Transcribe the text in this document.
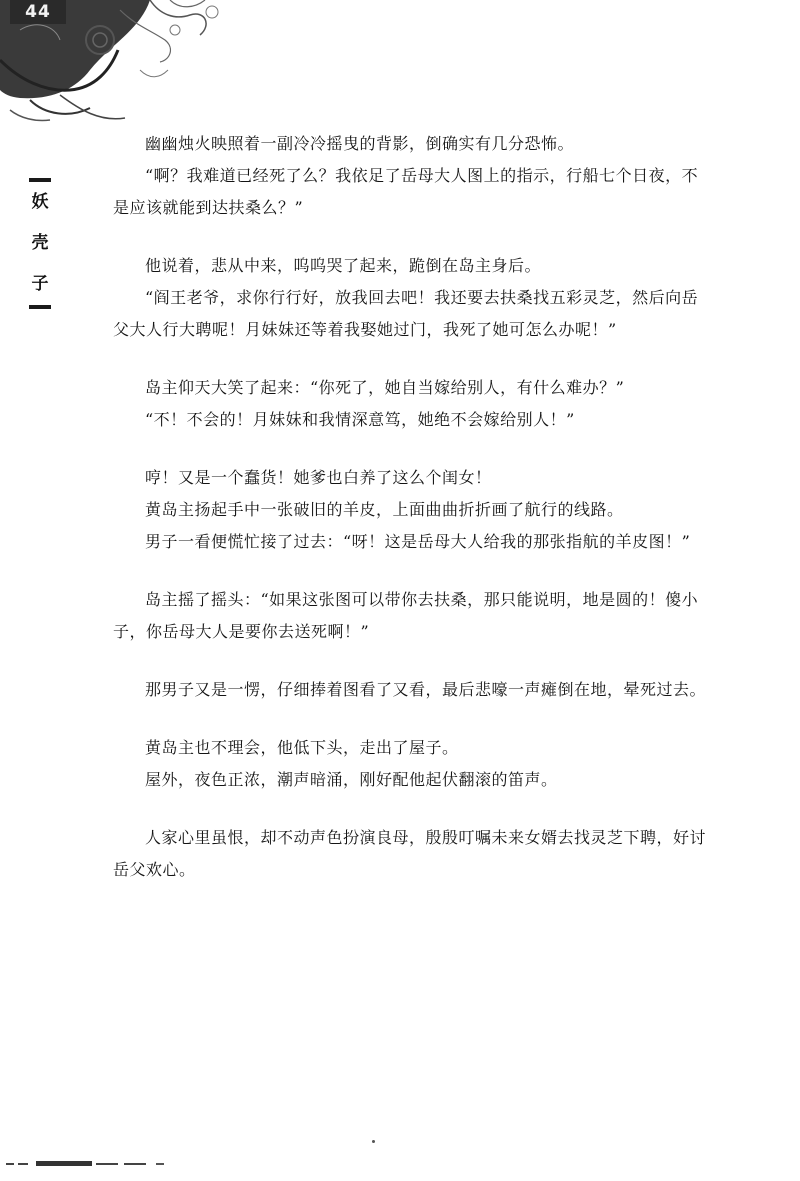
44
妖
壳
子

幽幽烛火映照着一副冷冷摇曳的背影，倒确实有几分恐怖。

“啊？我难道已经死了么？我依足了岳母大人图上的指示，行船七个日夜，不是应该就能到达扶桑么？”

他说着，悲从中来，呜呜哭了起来，跪倒在岛主身后。

“阎王老爷，求你行行好，放我回去吧！我还要去扶桑找五彩灵芝，然后向岳父大人行大聘呢！月妹妹还等着我娶她过门，我死了她可怎么办呢！”

岛主仰天大笑了起来：“你死了，她自当嫁给别人，有什么难办？”

“不！不会的！月妹妹和我情深意笃，她绝不会嫁给别人！”

哼！又是一个蠢货！她爹也白养了这么个闺女！

黄岛主扬起手中一张破旧的羊皮，上面曲曲折折画了航行的线路。

男子一看便慌忙接了过去：“呀！这是岳母大人给我的那张指航的羊皮图！”

岛主摇了摇头：“如果这张图可以带你去扶桑，那只能说明，地是圆的！傻小子，你岳母大人是要你去送死啊！”

那男子又是一愣，仔细捧着图看了又看，最后悲嚎一声瘫倒在地，晕死过去。

黄岛主也不理会，他低下头，走出了屋子。

屋外，夜色正浓，潮声暗涌，刚好配他起伏翻滚的笛声。

人家心里虽恨，却不动声色扮演良母，殷殷叮嘱未来女婿去找灵芝下聘，好讨岳父欢心。
